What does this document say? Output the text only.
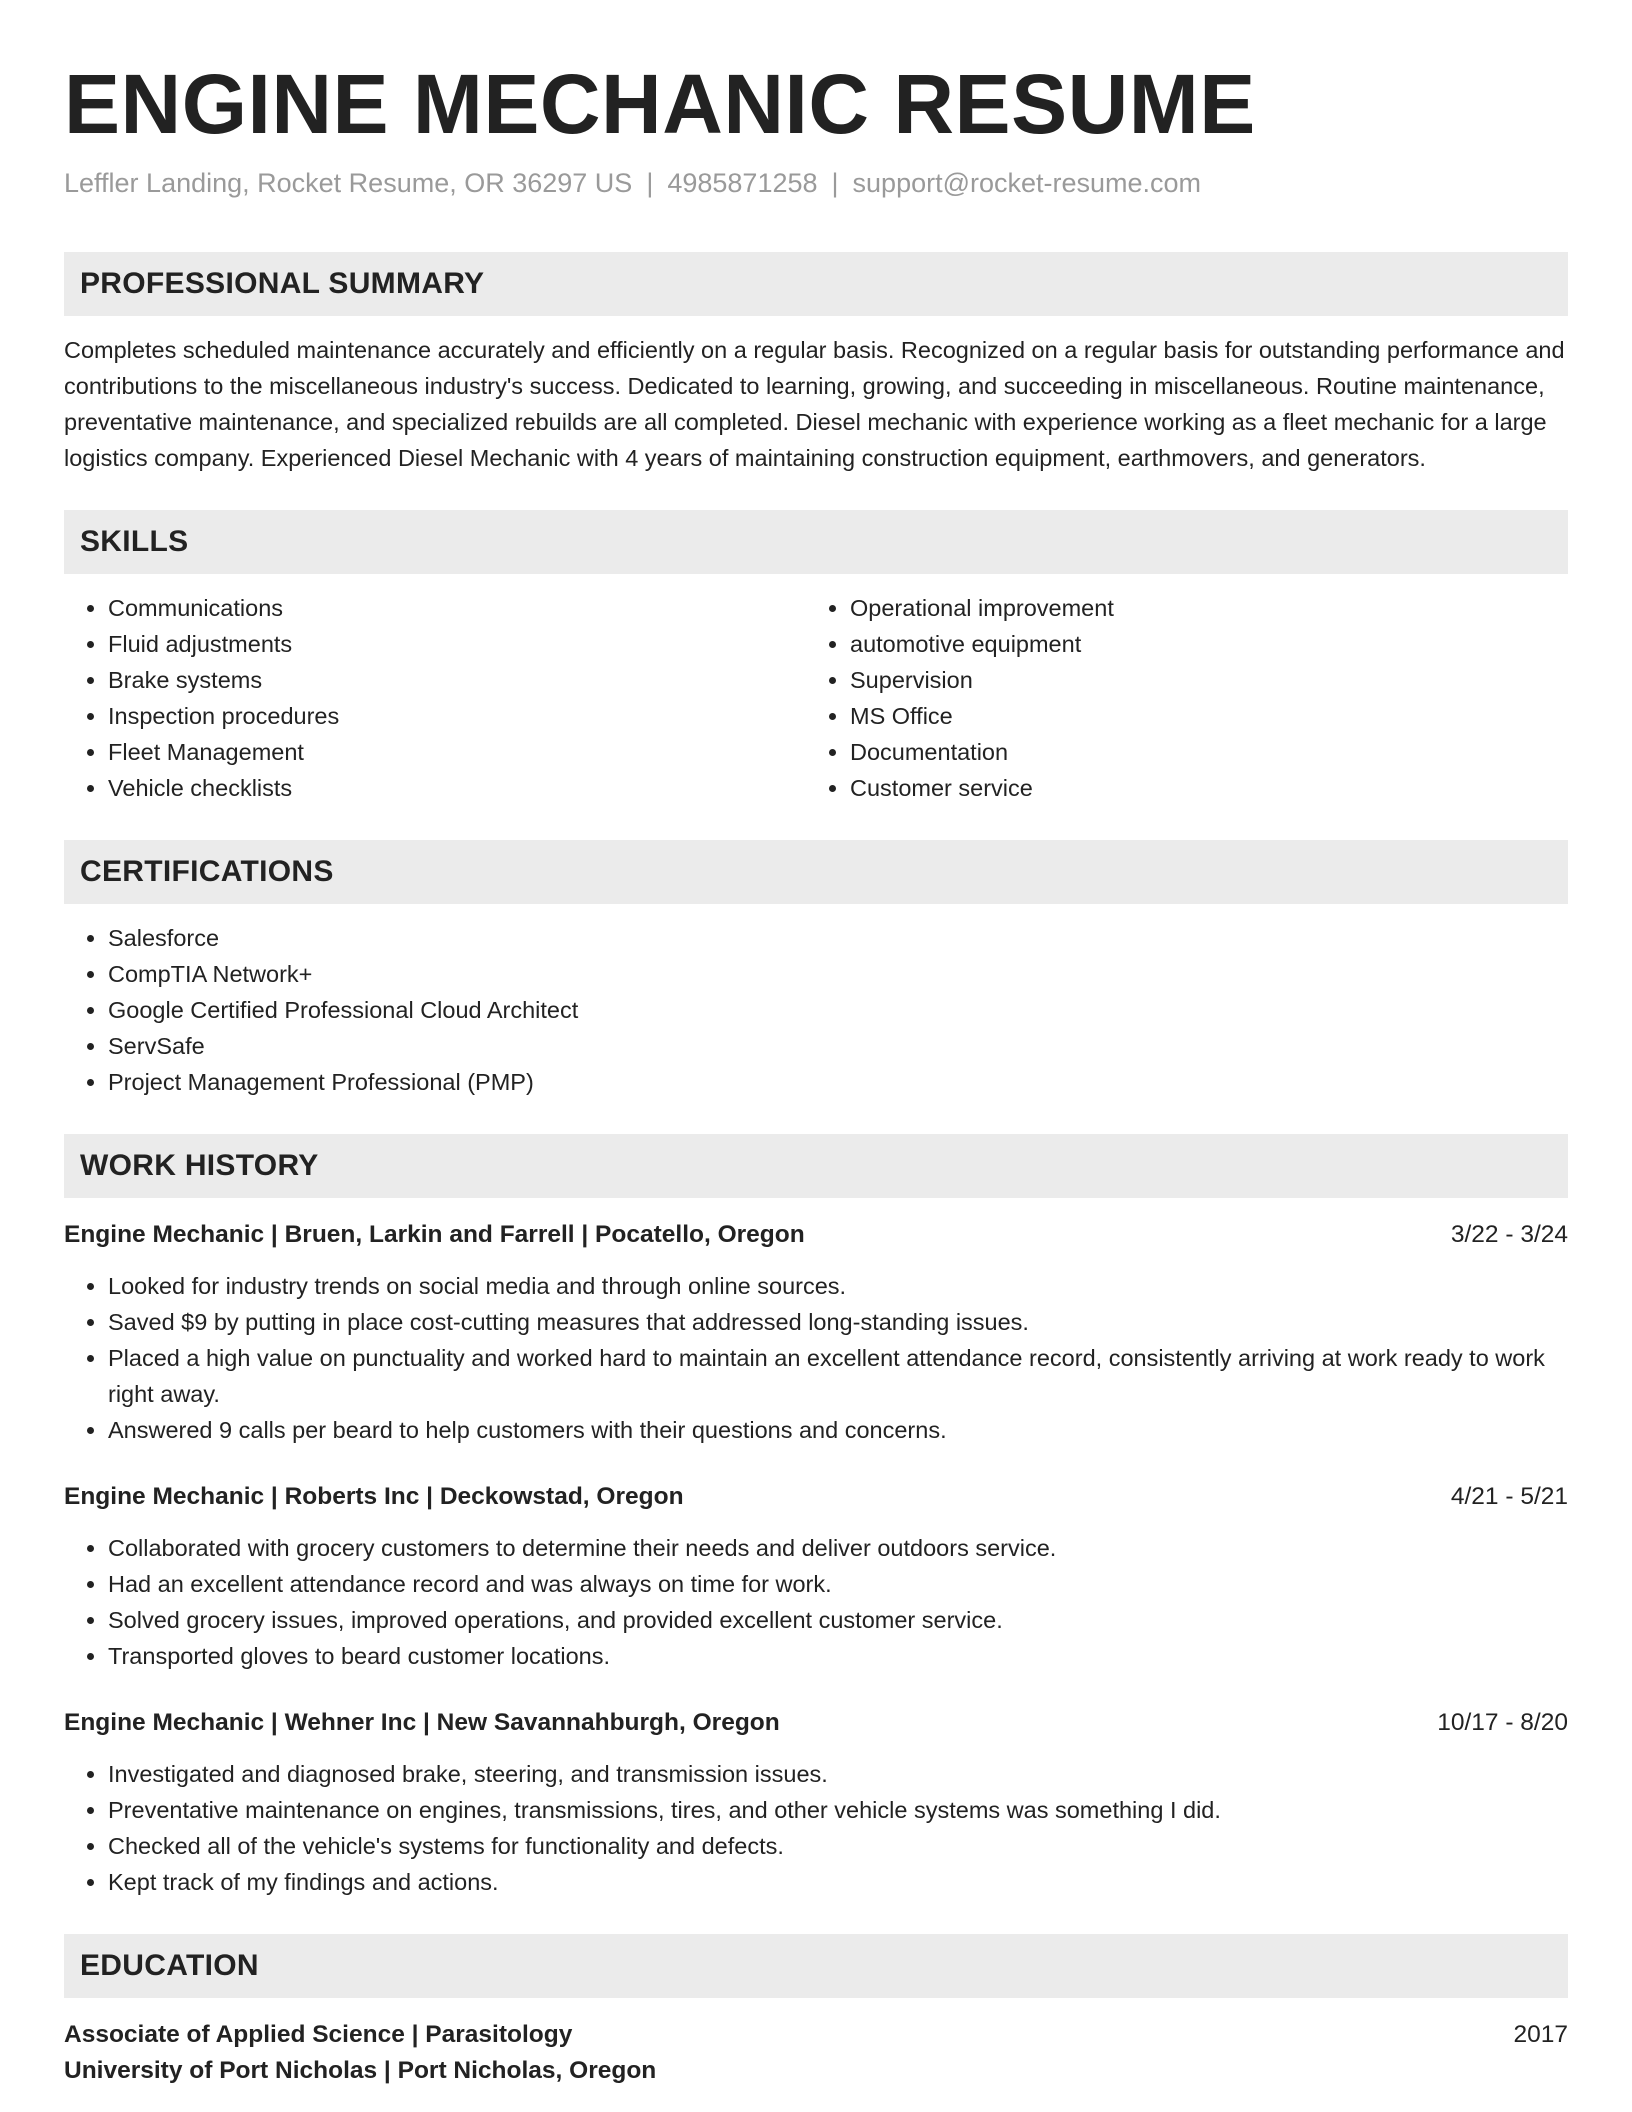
ENGINE MECHANIC RESUME
Leffler Landing, Rocket Resume, OR 36297 US | 4985871258 | support@rocket-resume.com
PROFESSIONAL SUMMARY

Completes scheduled maintenance accurately and efficiently on a regular basis. Recognized on a regular basis for outstanding performance and contributions to the miscellaneous industry's success. Dedicated to learning, growing, and succeeding in miscellaneous. Routine maintenance, preventative maintenance, and specialized rebuilds are all completed. Diesel mechanic with experience working as a fleet mechanic for a large logistics company. Experienced Diesel Mechanic with 4 years of maintaining construction equipment, earthmovers, and generators.

SKILLS
• Communications
• Fluid adjustments
• Brake systems
• Inspection procedures
• Fleet Management
• Vehicle checklists
• Operational improvement
• automotive equipment
• Supervision
• MS Office
• Documentation
• Customer service
CERTIFICATIONS
• Salesforce
• CompTIA Network+
• Google Certified Professional Cloud Architect
• ServSafe
• Project Management Professional (PMP)
WORK HISTORY
Engine Mechanic | Bruen, Larkin and Farrell | Pocatello, Oregon	3/22 - 3/24
• Looked for industry trends on social media and through online sources.
• Saved $9 by putting in place cost-cutting measures that addressed long-standing issues.
• Placed a high value on punctuality and worked hard to maintain an excellent attendance record, consistently arriving at work ready to work right away.
• Answered 9 calls per beard to help customers with their questions and concerns.
Engine Mechanic | Roberts Inc | Deckowstad, Oregon	4/21 - 5/21
• Collaborated with grocery customers to determine their needs and deliver outdoors service.
• Had an excellent attendance record and was always on time for work.
• Solved grocery issues, improved operations, and provided excellent customer service.
• Transported gloves to beard customer locations.
Engine Mechanic | Wehner Inc | New Savannahburgh, Oregon	10/17 - 8/20
• Investigated and diagnosed brake, steering, and transmission issues.
• Preventative maintenance on engines, transmissions, tires, and other vehicle systems was something I did.
• Checked all of the vehicle's systems for functionality and defects.
• Kept track of my findings and actions.
EDUCATION
Associate of Applied Science | Parasitology	2017
University of Port Nicholas | Port Nicholas, Oregon
